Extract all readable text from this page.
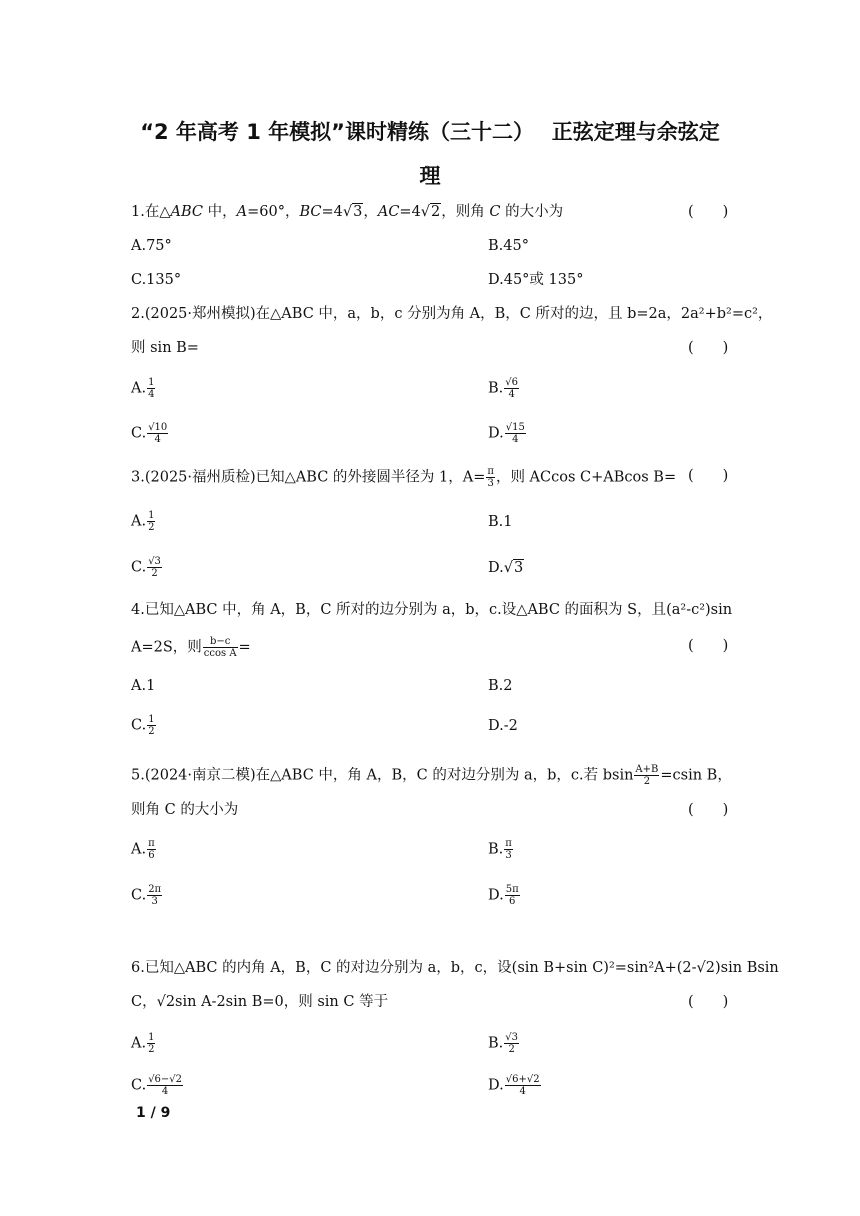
“2 年高考 1 年模拟”课时精练（三十二）　 正弦定理与余弦定
理
1.在△ABC 中，A=60°，BC=4√3，AC=4√2，则角 C 的大小为	(　　)
A.75°	B.45°
C.135°	D.45°或 135°
2.(2025·郑州模拟)在△ABC 中，a，b，c 分别为角 A，B，C 所对的边，且 b=2a，2a²+b²=c²，
则 sin B=	(　　)
A. $\frac{1}{4}$	B. $\frac{√6}{4}$
C. $\frac{√10}{4}$	D. $\frac{√15}{4}$
3.(2025·福州质检)已知△ABC 的外接圆半径为 1，$A= \frac{\pi}{3}$ ，则 ACcos C+ABcos B= (　　)
A. $\frac{1}{2}$	B.1
C. $\frac{√3}{2}$	D.√3
4.已知△ABC 中，角 A，B，C 所对的边分别为 a，b，c.设△ABC 的面积为 S，且(a²-c²)sin
A=2S，则 $\frac{b-c}{\text{ccos A}}$ =	(　　)
A.1	B.2
C. $\frac{1}{2}$	D.-2
5.(2024·南京二模)在△ABC 中，角 A，B，C 的对边分别为 a，b，c.若 bsin $\frac{A+B}{2} =csin$ B，
则角 C 的大小为	(　　)
A. $\frac{\pi}{6}$	B. $\frac{\pi}{3}$
C. $\frac{2\pi}{3}$	D. $\frac{5\pi}{6}$
6.已知△ABC 的内角 A，B，C 的对边分别为 a，b，c，设(sin B+sin C)²=sin²A+(2-√2)sin Bsin
C，√2sin A-2sin B=0，则 sin C 等于	(　　)
A. $\frac{1}{2}$	B. $\frac{√3}{2}$
C. $\frac{√6-√2}{4}$	D. $\frac{√6+√2}{4}$
1 / 9
